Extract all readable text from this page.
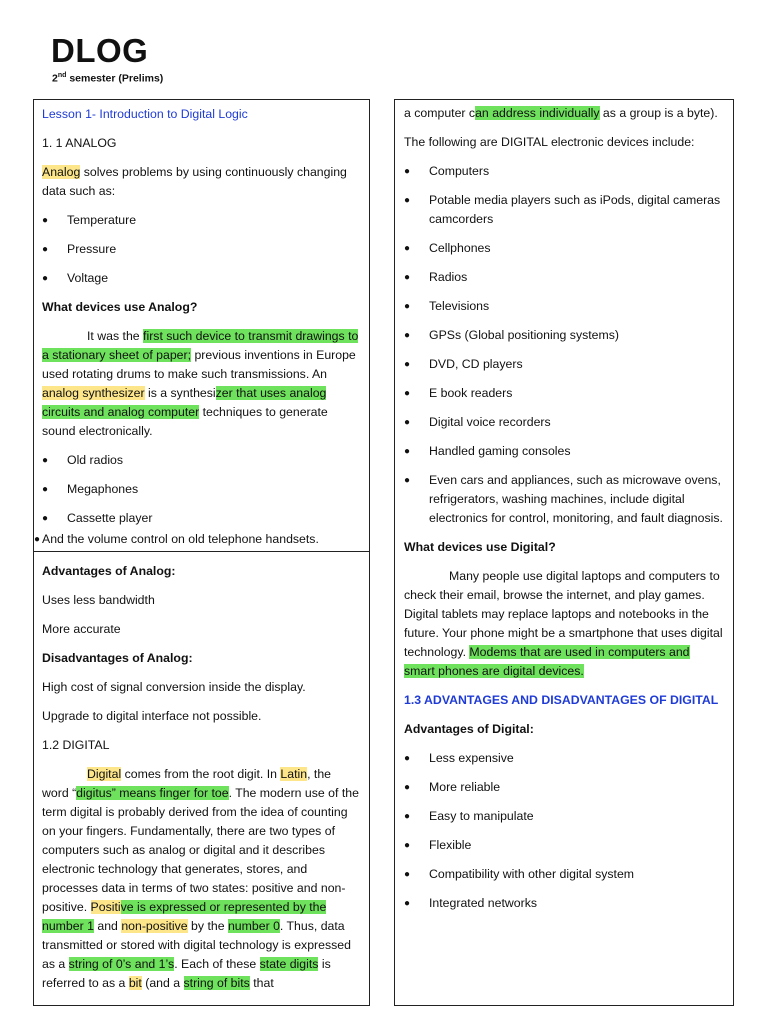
DLOG
2nd semester (Prelims)

Lesson 1- Introduction to Digital Logic

1. 1 ANALOG

Analog solves problems by using continuously changing data such as:

● Temperature
● Pressure
● Voltage

What devices use Analog?

It was the first such device to transmit drawings to a stationary sheet of paper; previous inventions in Europe used rotating drums to make such transmissions. An analog synthesizer is a synthesizer that uses analog circuits and analog computer techniques to generate sound electronically.

● Old radios
● Megaphones
● Cassette player
● And the volume control on old telephone handsets.

Advantages of Analog:

Uses less bandwidth

More accurate

Disadvantages of Analog:

High cost of signal conversion inside the display.

Upgrade to digital interface not possible.

1.2 DIGITAL

Digital comes from the root digit. In Latin, the word “digitus” means finger for toe. The modern use of the term digital is probably derived from the idea of counting on your fingers. Fundamentally, there are two types of computers such as analog or digital and it describes electronic technology that generates, stores, and processes data in terms of two states: positive and non-positive. Positive is expressed or represented by the number 1 and non-positive by the number 0. Thus, data transmitted or stored with digital technology is expressed as a string of 0’s and 1’s. Each of these state digits is referred to as a bit (and a string of bits that

a computer can address individually as a group is a byte).

The following are DIGITAL electronic devices include:

● Computers
● Potable media players such as iPods, digital cameras camcorders
● Cellphones
● Radios
● Televisions
● GPSs (Global positioning systems)
● DVD, CD players
● E book readers
● Digital voice recorders
● Handled gaming consoles
● Even cars and appliances, such as microwave ovens, refrigerators, washing machines, include digital electronics for control, monitoring, and fault diagnosis.

What devices use Digital?

Many people use digital laptops and computers to check their email, browse the internet, and play games. Digital tablets may replace laptops and notebooks in the future. Your phone might be a smartphone that uses digital technology. Modems that are used in computers and smart phones are digital devices.

1.3 ADVANTAGES AND DISADVANTAGES OF DIGITAL

Advantages of Digital:

● Less expensive
● More reliable
● Easy to manipulate
● Flexible
● Compatibility with other digital system
● Integrated networks
